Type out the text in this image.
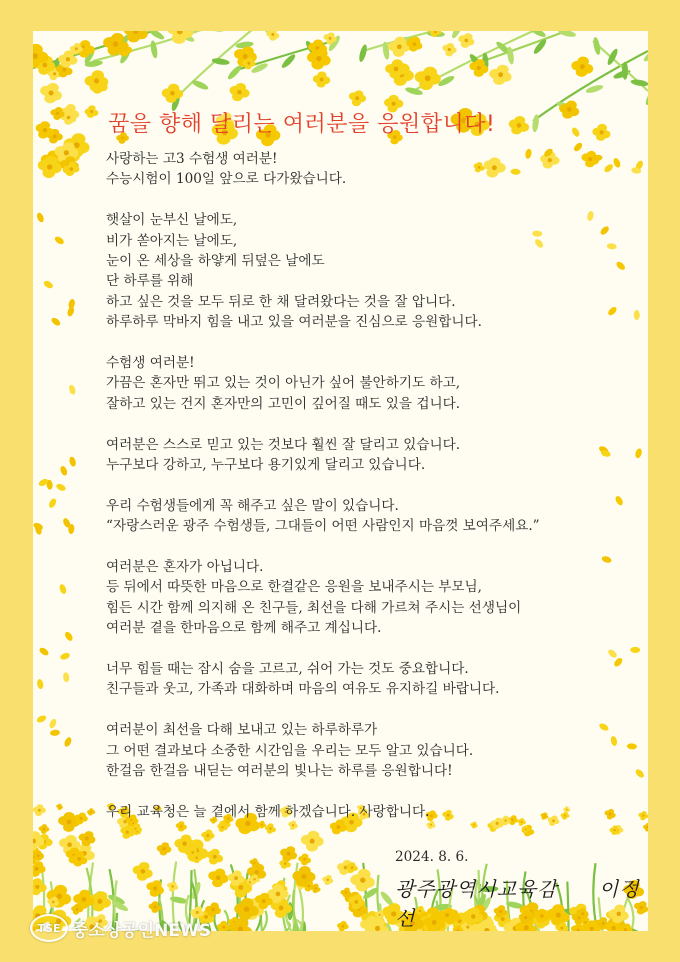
꿈을 향해 달리는 여러분을 응원합니다!
사랑하는 고3 수험생 여러분!
수능시험이 100일 앞으로 다가왔습니다.
햇살이 눈부신 날에도,
비가 쏟아지는 날에도,
눈이 온 세상을 하얗게 뒤덮은 날에도
단 하루를 위해
하고 싶은 것을 모두 뒤로 한 채 달려왔다는 것을 잘 압니다.
하루하루 막바지 힘을 내고 있을 여러분을 진심으로 응원합니다.
수험생 여러분!
가끔은 혼자만 뛰고 있는 것이 아닌가 싶어 불안하기도 하고,
잘하고 있는 건지 혼자만의 고민이 깊어질 때도 있을 겁니다.
여러분은 스스로 믿고 있는 것보다 훨씬 잘 달리고 있습니다.
누구보다 강하고, 누구보다 용기있게 달리고 있습니다.
우리 수험생들에게 꼭 해주고 싶은 말이 있습니다.
“자랑스러운 광주 수험생들, 그대들이 어떤 사람인지 마음껏 보여주세요.”
여러분은 혼자가 아닙니다.
등 뒤에서 따뜻한 마음으로 한결같은 응원을 보내주시는 부모님,
힘든 시간 함께 의지해 온 친구들, 최선을 다해 가르쳐 주시는 선생님이
여러분 곁을 한마음으로 함께 해주고 계십니다.
너무 힘들 때는 잠시 숨을 고르고, 쉬어 가는 것도 중요합니다.
친구들과 웃고, 가족과 대화하며 마음의 여유도 유지하길 바랍니다.
여러분이 최선을 다해 보내고 있는 하루하루가
그 어떤 결과보다 소중한 시간임을 우리는 모두 알고 있습니다.
한걸음 한걸음 내딛는 여러분의 빛나는 하루를 응원합니다!
우리 교육청은 늘 곁에서 함께 하겠습니다. 사랑합니다.
2024. 8. 6.
광주광역시교육감 이정선
TSE 중소상공인NEWS
